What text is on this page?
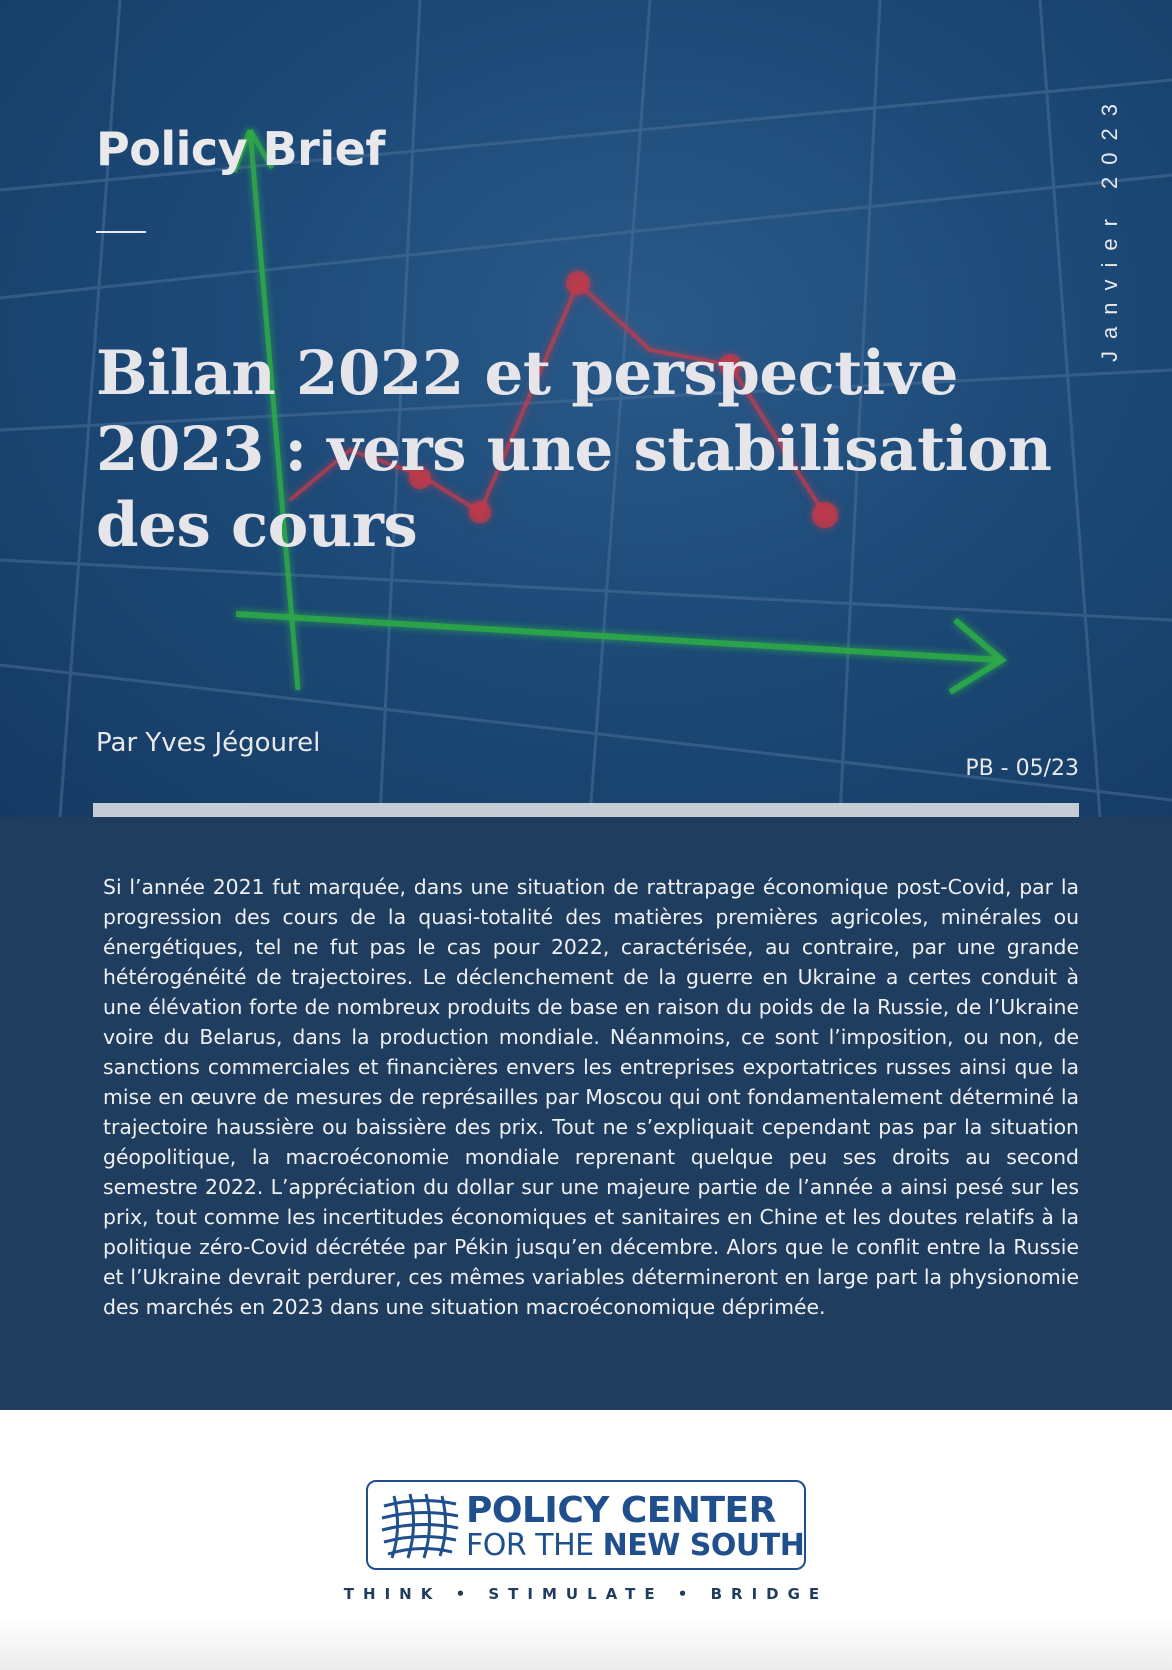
Policy Brief
Bilan 2022 et perspective 2023 : vers une stabilisation des cours
Janvier 2023
Par Yves Jégourel
PB - 05/23

Si l’année 2021 fut marquée, dans une situation de rattrapage économique post-Covid, par la progression des cours de la quasi-totalité des matières premières agricoles, minérales ou énergétiques, tel ne fut pas le cas pour 2022, caractérisée, au contraire, par une grande hétérogénéité de trajectoires. Le déclenchement de la guerre en Ukraine a certes conduit à une élévation forte de nombreux produits de base en raison du poids de la Russie, de l’Ukraine voire du Belarus, dans la production mondiale. Néanmoins, ce sont l’imposition, ou non, de sanctions commerciales et financières envers les entreprises exportatrices russes ainsi que la mise en œuvre de mesures de représailles par Moscou qui ont fondamentalement déterminé la trajectoire haussière ou baissière des prix. Tout ne s’expliquait cependant pas par la situation géopolitique, la macroéconomie mondiale reprenant quelque peu ses droits au second semestre 2022. L’appréciation du dollar sur une majeure partie de l’année a ainsi pesé sur les prix, tout comme les incertitudes économiques et sanitaires en Chine et les doutes relatifs à la politique zéro-Covid décrétée par Pékin jusqu’en décembre. Alors que le conflit entre la Russie et l’Ukraine devrait perdurer, ces mêmes variables détermineront en large part la physionomie des marchés en 2023 dans une situation macroéconomique déprimée.

POLICY CENTER
FOR THE NEW SOUTH
THINK • STIMULATE • BRIDGE
